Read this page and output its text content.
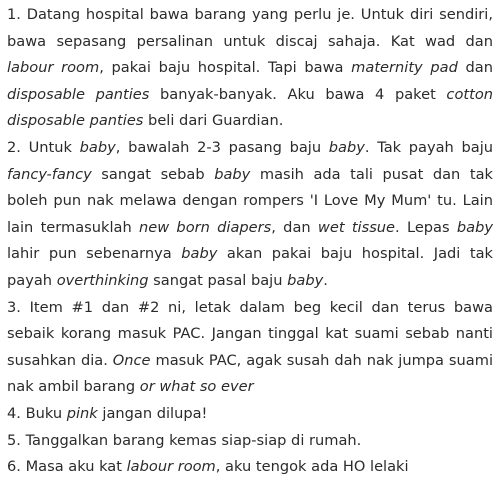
1. Datang hospital bawa barang yang perlu je. Untuk diri sendiri, bawa sepasang persalinan untuk discaj sahaja. Kat wad dan labour room, pakai baju hospital. Tapi bawa maternity pad dan disposable panties banyak-banyak. Aku bawa 4 paket cotton disposable panties beli dari Guardian.

2. Untuk baby, bawalah 2-3 pasang baju baby. Tak payah baju fancy-fancy sangat sebab baby masih ada tali pusat dan tak boleh pun nak melawa dengan rompers 'I Love My Mum' tu. Lain lain termasuklah new born diapers, dan wet tissue. Lepas baby lahir pun sebenarnya baby akan pakai baju hospital. Jadi tak payah overthinking sangat pasal baju baby.

3. Item #1 dan #2 ni, letak dalam beg kecil dan terus bawa sebaik korang masuk PAC. Jangan tinggal kat suami sebab nanti susahkan dia. Once masuk PAC, agak susah dah nak jumpa suami nak ambil barang or what so ever

4. Buku pink jangan dilupa!

5. Tanggalkan barang kemas siap-siap di rumah.

6. Masa aku kat labour room, aku tengok ada HO lelaki
